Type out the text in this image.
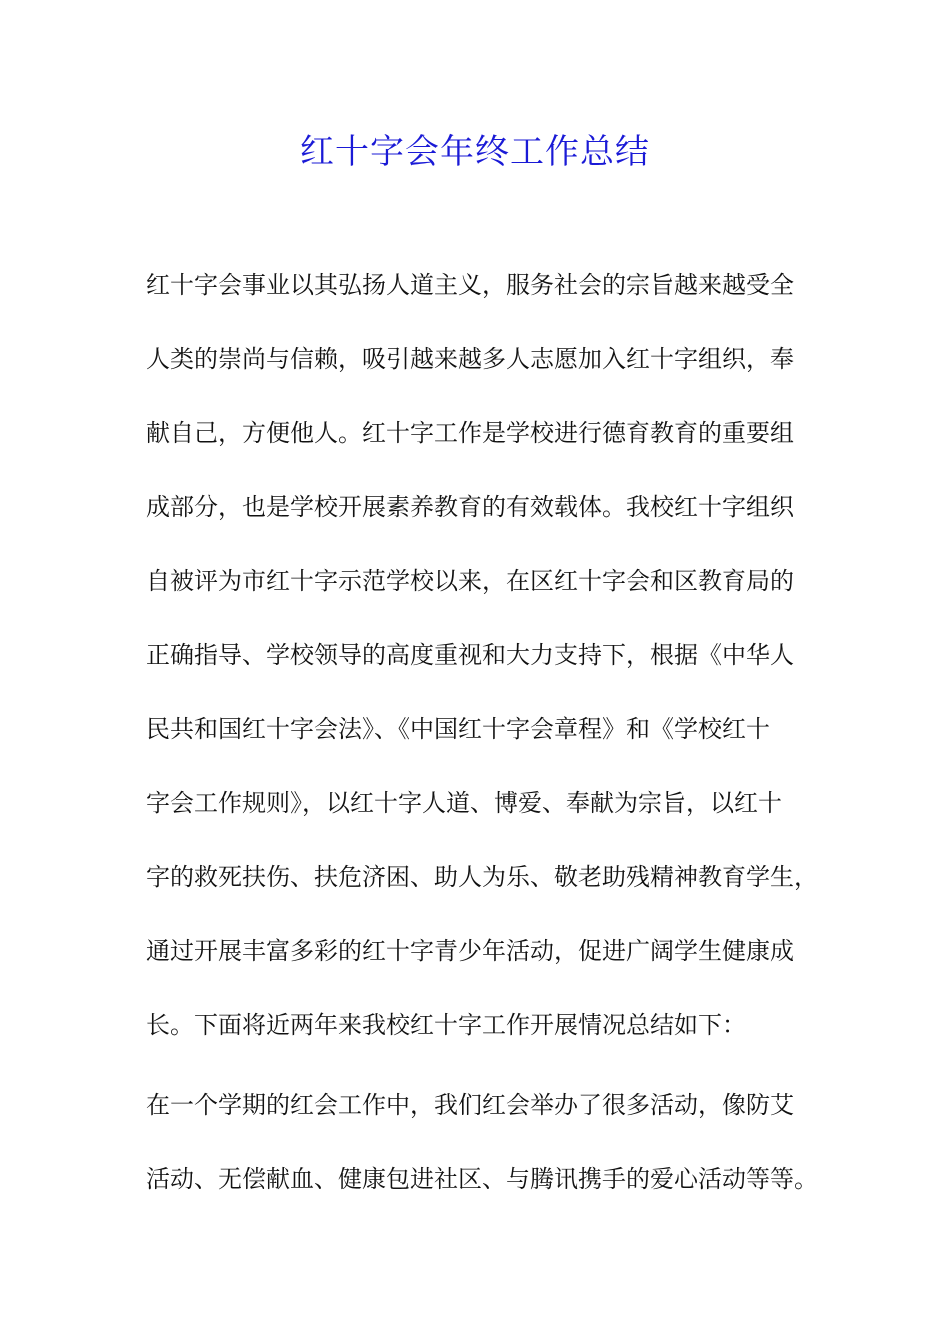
红十字会年终工作总结

红十字会事业以其弘扬人道主义，服务社会的宗旨越来越受全

人类的崇尚与信赖，吸引越来越多人志愿加入红十字组织，奉

献自己，方便他人。红十字工作是学校进行德育教育的重要组

成部分，也是学校开展素养教育的有效载体。我校红十字组织

自被评为市红十字示范学校以来，在区红十字会和区教育局的

正确指导、学校领导的高度重视和大力支持下，根据《中华人

民共和国红十字会法》、《中国红十字会章程》和《学校红十

字会工作规则》，以红十字人道、博爱、奉献为宗旨，以红十

字的救死扶伤、扶危济困、助人为乐、敬老助残精神教育学生，

通过开展丰富多彩的红十字青少年活动，促进广阔学生健康成

长。下面将近两年来我校红十字工作开展情况总结如下：

在一个学期的红会工作中，我们红会举办了很多活动，像防艾

活动、无偿献血、健康包进社区、与腾讯携手的爱心活动等等。
